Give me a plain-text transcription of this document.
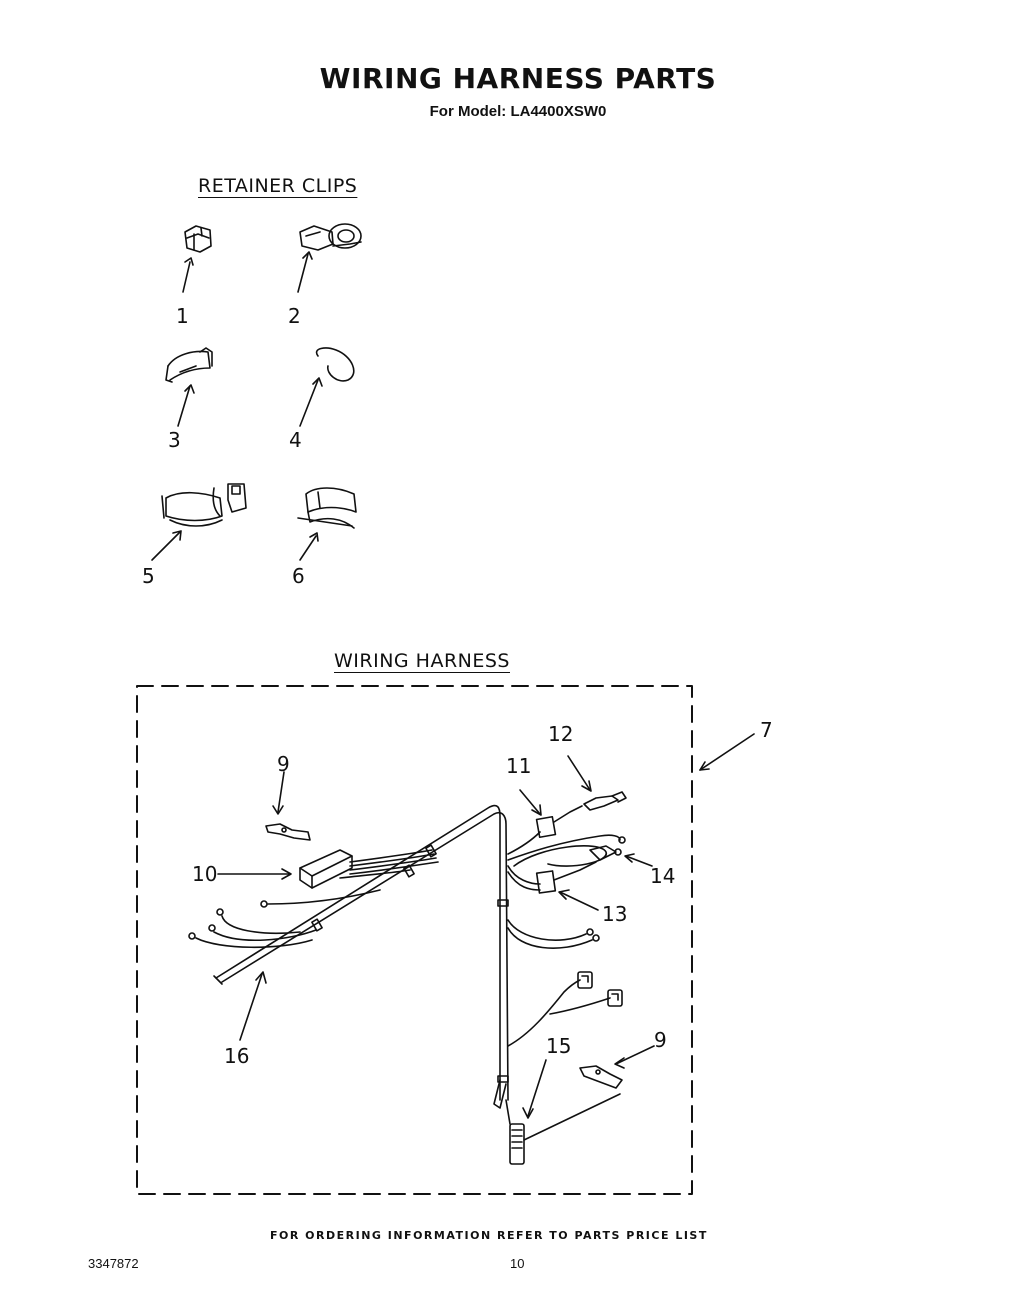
WIRING HARNESS PARTS
For Model: LA4400XSW0
RETAINER CLIPS
WIRING HARNESS
1	2
3	4
5	6
7
9
9
10
11
12
13
14
15
16
FOR ORDERING INFORMATION REFER TO PARTS PRICE LIST
3347872	10
